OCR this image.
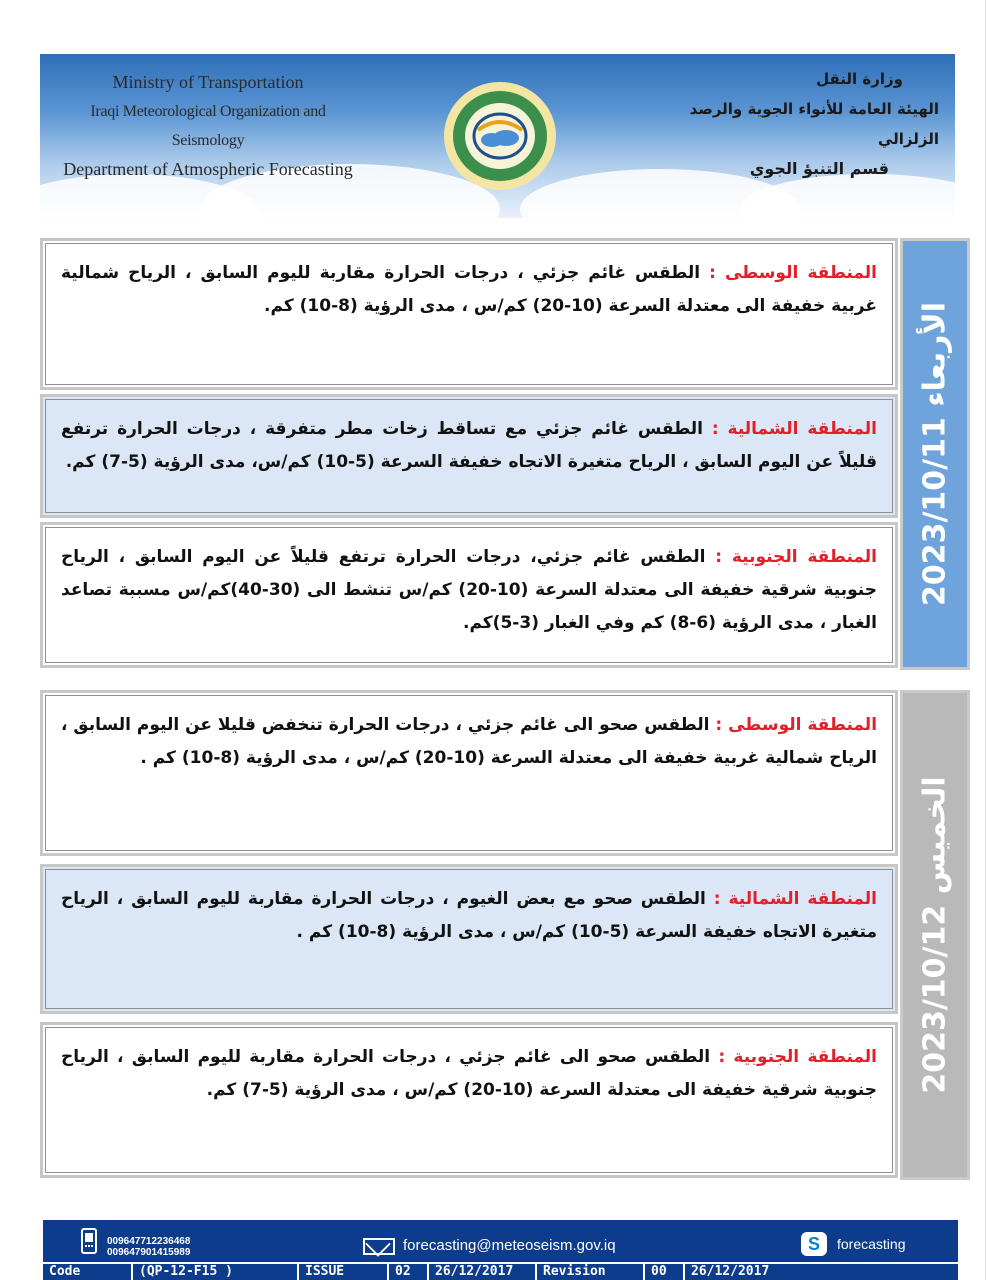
Ministry of Transportation
Iraqi Meteorological Organization and Seismology
Department of Atmospheric Forecasting
وزارة النقل
الهيئة العامة للأنواء الجوية والرصد الزلزالي
قسم التنبؤ الجوي
2023/10/11 الأربعاء

المنطقة الوسطى : الطقس غائم جزئي ، درجات الحرارة مقاربة لليوم السابق ، الرياح شمالية غربية خفيفة الى معتدلة السرعة (10-20) كم/س ، مدى الرؤية (8-10) كم.

المنطقة الشمالية : الطقس غائم جزئي مع تساقط زخات مطر متفرقة ، درجات الحرارة ترتفع قليلاً عن اليوم السابق ، الرياح متغيرة الاتجاه خفيفة السرعة (5-10) كم/س، مدى الرؤية (5-7) كم.

المنطقة الجنوبية : الطقس غائم جزئي، درجات الحرارة ترتفع قليلاً عن اليوم السابق ، الرياح جنوبية شرقية خفيفة الى معتدلة السرعة (10-20) كم/س تنشط الى (30-40)كم/س مسببة تصاعد الغبار ، مدى الرؤية (6-8) كم وفي الغبار (3-5)كم.

2023/10/12 الخميس

المنطقة الوسطى : الطقس صحو الى غائم جزئي ، درجات الحرارة تنخفض قليلا عن اليوم السابق ، الرياح شمالية غربية خفيفة الى معتدلة السرعة (10-20) كم/س ، مدى الرؤية (8-10) كم .

المنطقة الشمالية : الطقس صحو مع بعض الغيوم ، درجات الحرارة مقاربة لليوم السابق ، الرياح متغيرة الاتجاه خفيفة السرعة (5-10) كم/س ، مدى الرؤية (8-10) كم .

المنطقة الجنوبية : الطقس صحو الى غائم جزئي ، درجات الحرارة مقاربة لليوم السابق ، الرياح جنوبية شرقية خفيفة الى معتدلة السرعة (10-20) كم/س ، مدى الرؤية (5-7) كم.

009647712236468
009647901415989	forecasting@meteoseism.gov.iq	S	forecasting
Code	(QP-12-F15 )	ISSUE	02	26/12/2017	Revision	00	26/12/2017
